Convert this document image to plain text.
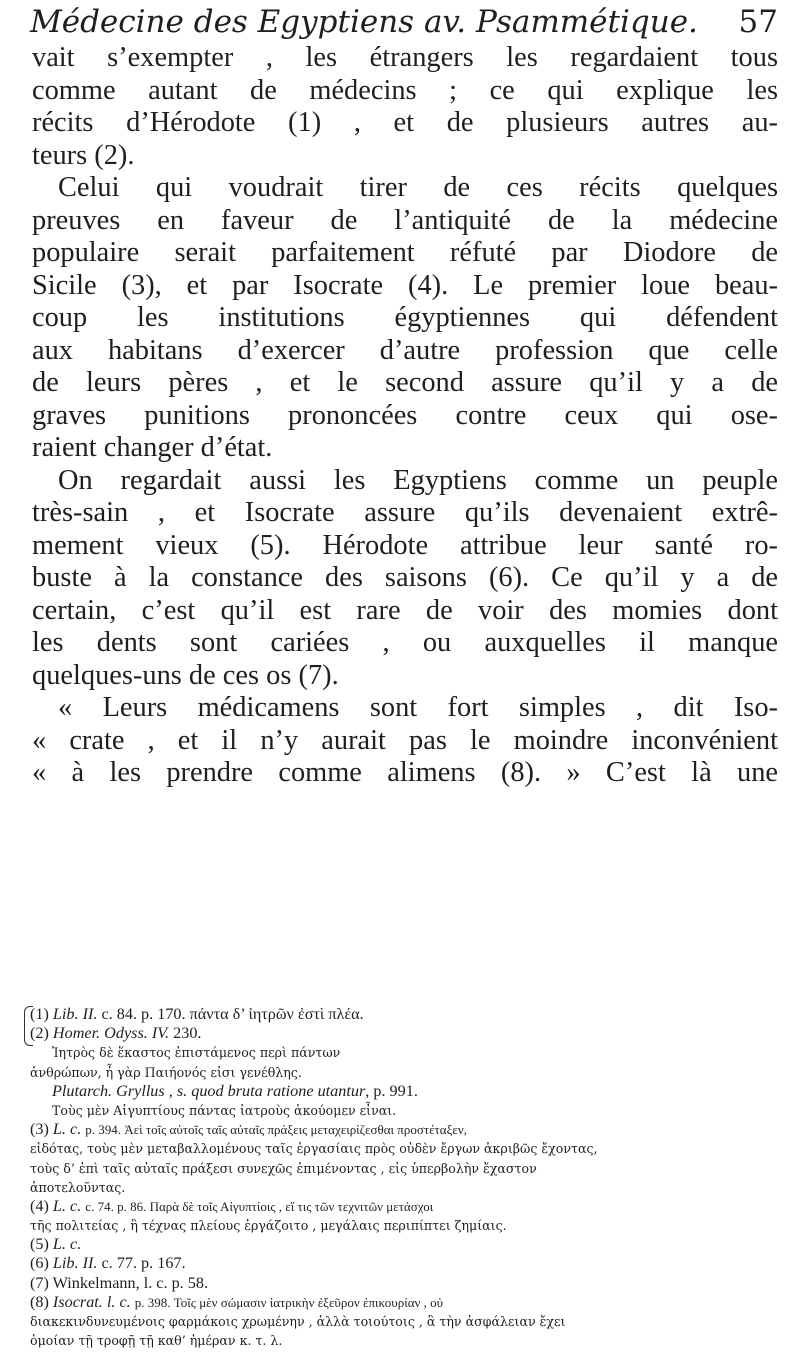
Médecine des Egyptiens av. Psammétique. 57
vait s’exempter , les étrangers les regardaient tous
comme autant de médecins ; ce qui explique les
récits d’Hérodote (1) , et de plusieurs autres au-
teurs (2).
Celui qui voudrait tirer de ces récits quelques
preuves en faveur de l’antiquité de la médecine
populaire serait parfaitement réfuté par Diodore de
Sicile (3), et par Isocrate (4). Le premier loue beau-
coup les institutions égyptiennes qui défendent
aux habitans d’exercer d’autre profession que celle
de leurs pères , et le second assure qu’il y a de
graves punitions prononcées contre ceux qui ose-
raient changer d’état.
On regardait aussi les Egyptiens comme un peuple
très-sain , et Isocrate assure qu’ils devenaient extrê-
mement vieux (5). Hérodote attribue leur santé ro-
buste à la constance des saisons (6). Ce qu’il y a de
certain, c’est qu’il est rare de voir des momies dont
les dents sont cariées , ou auxquelles il manque
quelques-uns de ces os (7).
« Leurs médicamens sont fort simples , dit Iso-
« crate , et il n’y aurait pas le moindre inconvénient
« à les prendre comme alimens (8). » C’est là une
(1) Lib. II. c. 84. p. 170. πάντα δ’ ἰητρῶν ἐστὶ πλέα.
(2) Homer. Odyss. IV. 230.
Ἰητρὸς δὲ ἕκαστος ἐπιστάμενος περὶ πάντων
ἀνθρώπων, ἦ γὰρ Παιήονός εἰσι γενέθλης.
Plutarch. Gryllus , s. quod bruta ratione utantur, p. 991.
Τοὺς μὲν Αἰγυπτίους πάντας ἰατροὺς ἀκούομεν εἶναι.
(3) L. c. p. 394. Ἀεὶ τοῖς αὐτοῖς ταῖς αὐταῖς πράξεις μεταχειρίζεσθαι προστέταξεν,
εἰδότας, τοὺς μὲν μεταβαλλομένους ταῖς ἐργασίαις πρὸς οὐδὲν ἔργων ἀκριβῶς ἔχοντας,
τοὺς δ’ ἐπὶ ταῖς αὐταῖς πράξεσι συνεχῶς ἐπιμένοντας , εἰς ὑπερβολὴν ἔχαστον
ἀποτελοῦντας.
(4) L. c. c. 74. p. 86. Παρὰ δὲ τοῖς Αἰγυπτίοις , εἴ τις τῶν τεχνιτῶν μετάσχοι
τῆς πολιτείας , ἢ τέχνας πλείους ἐργάζοιτο , μεγάλαις περιπίπτει ζημίαις.
(5) L. c.
(6) Lib. II. c. 77. p. 167.
(7) Winkelmann, l. c. p. 58.
(8) Isocrat. l. c. p. 398. Τοῖς μὲν σώμασιν ἰατρικὴν ἐξεῦρον ἐπικουρίαν , οὐ
διακεκινδυνευμένοις φαρμάκοις χρωμένην , ἀλλὰ τοιούτοις , ἃ τὴν ἀσφάλειαν ἔχει
ὁμοίαν τῇ τροφῇ τῇ καθ’ ἡμέραν κ. τ. λ.
